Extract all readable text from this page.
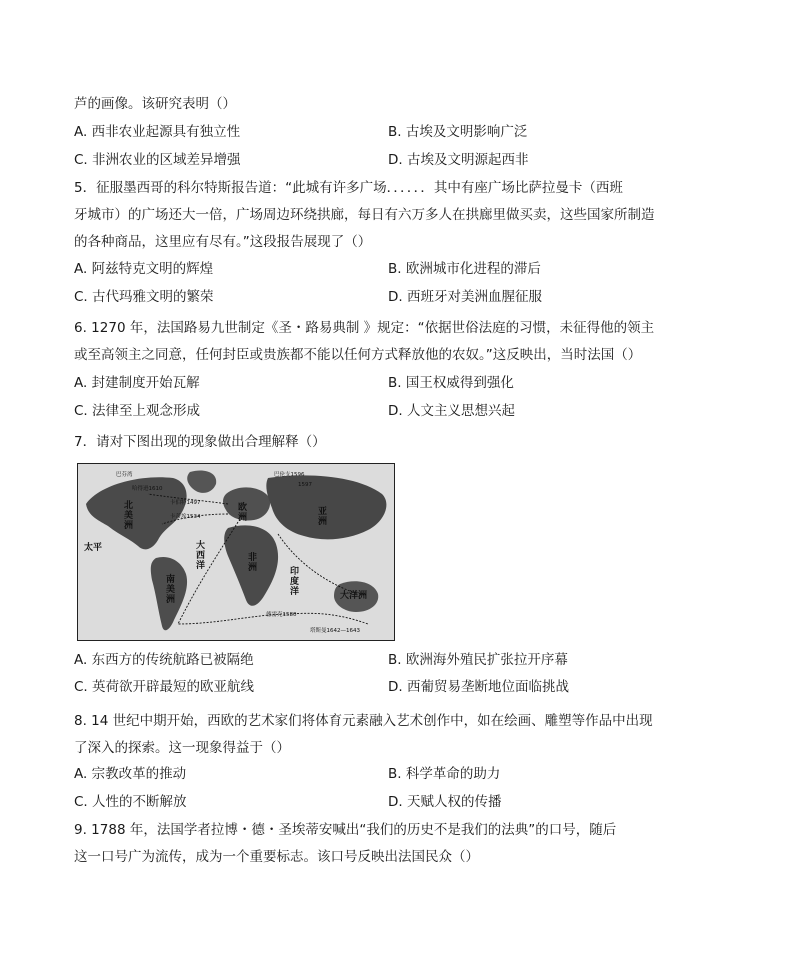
芦的画像。该研究表明（）
A. 西非农业起源具有独立性	B. 古埃及文明影响广泛
C. 非洲农业的区域差异增强	D. 古埃及文明源起西非
5．征服墨西哥的科尔特斯报告道：“此城有许多广场．．．．．．其中有座广场比萨拉曼卡（西班
牙城市）的广场还大一倍，广场周边环绕拱廊，每日有六万多人在拱廊里做买卖，这些国家所制造
的各种商品，这里应有尽有。”这段报告展现了（）
A. 阿兹特克文明的辉煌	B. 欧洲城市化进程的滞后
C. 古代玛雅文明的繁荣	D. 西班牙对美洲血腥征服
6. 1270 年，法国路易九世制定《圣・路易典制 》规定：“依据世俗法庭的习惯，未征得他的领主
或至高领主之同意，任何封臣或贵族都不能以任何方式释放他的农奴。”这反映出，当时法国（）
A. 封建制度开始瓦解	B. 国王权威得到强化
C. 法律至上观念形成	D. 人文主义思想兴起
7．请对下图出现的现象做出合理解释（）
北美洲
南美洲
欧洲
非洲
亚洲
大洋洲
太平	大西洋
印度洋
巴芬湾
哈得逊1610
卡伯特1497
卡蒂埃1534
巴伦支1596
1597
德雷克1580
塔斯曼1642—1643
A. 东西方的传统航路已被隔绝	B. 欧洲海外殖民扩张拉开序幕
C. 英荷欲开辟最短的欧亚航线	D. 西葡贸易垄断地位面临挑战
8. 14 世纪中期开始，西欧的艺术家们将体育元素融入艺术创作中，如在绘画、雕塑等作品中出现
了深入的探索。这一现象得益于（）
A. 宗教改革的推动	B. 科学革命的助力
C. 人性的不断解放	D. 天赋人权的传播
9. 1788 年，法国学者拉博・德・圣埃蒂安喊出“我们的历史不是我们的法典”的口号，随后
这一口号广为流传，成为一个重要标志。该口号反映出法国民众（）
